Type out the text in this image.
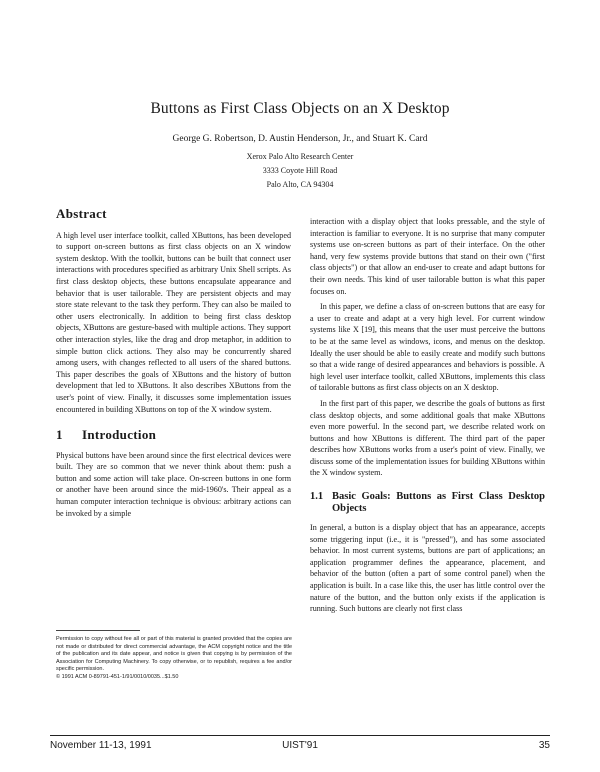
Buttons as First Class Objects on an X Desktop
George G. Robertson, D. Austin Henderson, Jr., and Stuart K. Card
Xerox Palo Alto Research Center
3333 Coyote Hill Road
Palo Alto, CA 94304
Abstract

A high level user interface toolkit, called XButtons, has been developed to support on-screen buttons as first class objects on an X window system desktop. With the toolkit, buttons can be built that connect user interactions with procedures specified as arbitrary Unix Shell scripts. As first class desktop objects, these buttons encapsulate appearance and behavior that is user tailorable. They are persistent objects and may store state relevant to the task they perform. They can also be mailed to other users electronically. In addition to being first class desktop objects, XButtons are gesture-based with multiple actions. They support other interaction styles, like the drag and drop metaphor, in addition to simple button click actions. They also may be concurrently shared among users, with changes reflected to all users of the shared buttons. This paper describes the goals of XButtons and the history of button development that led to XButtons. It also describes XButtons from the user's point of view. Finally, it discusses some implementation issues encountered in building XButtons on top of the X window system.

1	Introduction

Physical buttons have been around since the first electrical devices were built. They are so common that we never think about them: push a button and some action will take place. On-screen buttons in one form or another have been around since the mid-1960's. Their appeal as a human computer interaction technique is obvious: arbitrary actions can be invoked by a simple

Permission to copy without fee all or part of this material is granted provided that the copies are not made or distributed for direct commercial advantage, the ACM copyright notice and the title of the publication and its date appear, and notice is given that copying is by permission of the Association for Computing Machinery. To copy otherwise, or to republish, requires a fee and/or specific permission.
© 1991 ACM 0-89791-451-1/91/0010/0035...$1.50

interaction with a display object that looks pressable, and the style of interaction is familiar to everyone. It is no surprise that many computer systems use on-screen buttons as part of their interface. On the other hand, very few systems provide buttons that stand on their own ("first class objects") or that allow an end-user to create and adapt buttons for their own needs. This kind of user tailorable button is what this paper focuses on.

In this paper, we define a class of on-screen buttons that are easy for a user to create and adapt at a very high level. For current window systems like X [19], this means that the user must perceive the buttons to be at the same level as windows, icons, and menus on the desktop. Ideally the user should be able to easily create and modify such buttons so that a wide range of desired appearances and behaviors is possible. A high level user interface toolkit, called XButtons, implements this class of tailorable buttons as first class objects on an X desktop.

In the first part of this paper, we describe the goals of buttons as first class desktop objects, and some additional goals that make XButtons even more powerful. In the second part, we describe related work on buttons and how XButtons is different. The third part of the paper describes how XButtons works from a user's point of view. Finally, we discuss some of the implementation issues for building XButtons within the X window system.

1.1 Basic Goals: Buttons as First Class Desktop Objects

In general, a button is a display object that has an appearance, accepts some triggering input (i.e., it is "pressed"), and has some associated behavior. In most current systems, buttons are part of applications; an application programmer defines the appearance, placement, and behavior of the button (often a part of some control panel) when the application is built. In a case like this, the user has little control over the nature of the button, and the button only exists if the application is running. Such buttons are clearly not first class

November 11-13, 1991	UIST'91	35
